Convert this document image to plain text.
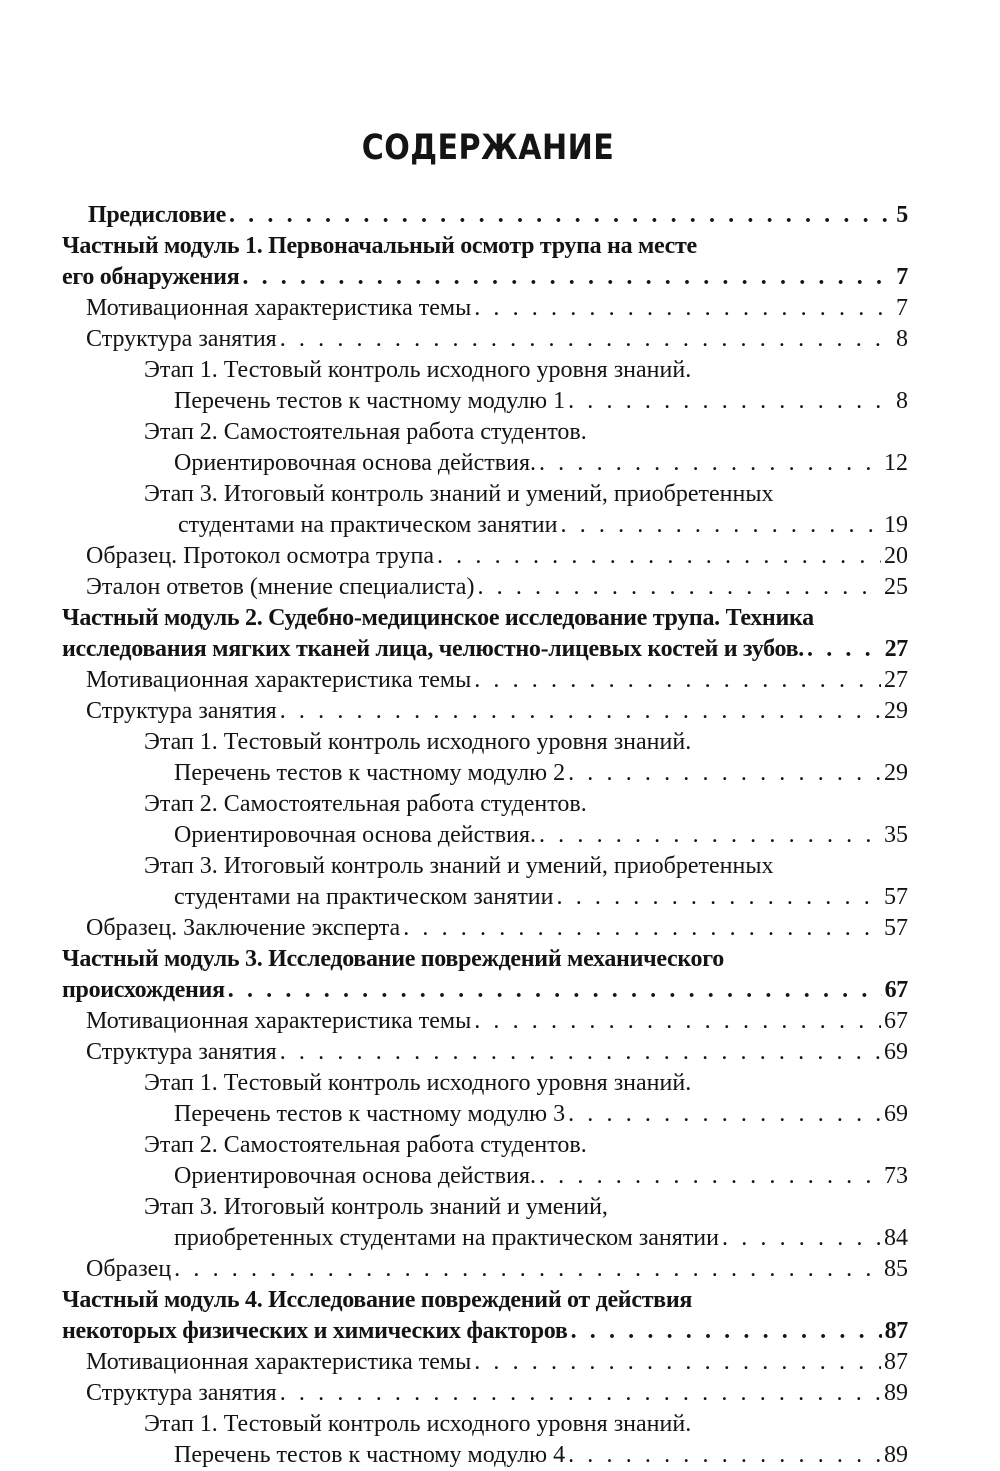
СОДЕРЖАНИЕ
Предисловие . . .	5
Частный модуль 1. Первоначальный осмотр трупа на месте
его обнаружения . . .	7
Мотивационная характеристика темы . . .	7
Структура занятия . . .	8
Этап 1. Тестовый контроль исходного уровня знаний.
Перечень тестов к частному модулю 1 . . .	8
Этап 2. Самостоятельная работа студентов.
Ориентировочная основа действия. . . .	12
Этап 3. Итоговый контроль знаний и умений, приобретенных
студентами на практическом занятии . . .	19
Образец. Протокол осмотра трупа . . .	20
Эталон ответов (мнение специалиста) . . .	25
Частный модуль 2. Судебно-медицинское исследование трупа. Техника
исследования мягких тканей лица, челюстно-лицевых костей и зубов. . . .	27
Мотивационная характеристика темы . . .	27
Структура занятия . . .	29
Этап 1. Тестовый контроль исходного уровня знаний.
Перечень тестов к частному модулю 2 . . .	29
Этап 2. Самостоятельная работа студентов.
Ориентировочная основа действия. . . .	35
Этап 3. Итоговый контроль знаний и умений, приобретенных
студентами на практическом занятии . . .	57
Образец. Заключение эксперта . . .	57
Частный модуль 3. Исследование повреждений механического
происхождения . . .	67
Мотивационная характеристика темы . . .	67
Структура занятия . . .	69
Этап 1. Тестовый контроль исходного уровня знаний.
Перечень тестов к частному модулю 3 . . .	69
Этап 2. Самостоятельная работа студентов.
Ориентировочная основа действия. . . .	73
Этап 3. Итоговый контроль знаний и умений,
приобретенных студентами на практическом занятии . . .	84
Образец . . .	85
Частный модуль 4. Исследование повреждений от действия
некоторых физических и химических факторов . . .	87
Мотивационная характеристика темы . . .	87
Структура занятия . . .	89
Этап 1. Тестовый контроль исходного уровня знаний.
Перечень тестов к частному модулю 4 . . .	89
